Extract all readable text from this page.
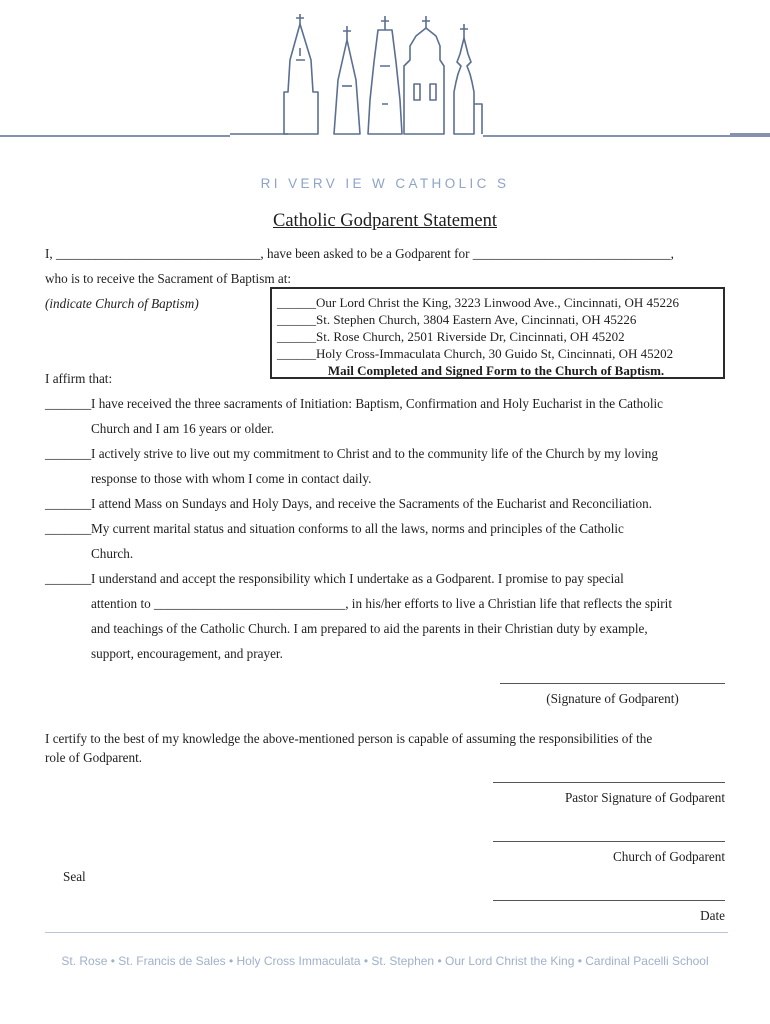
RI VERV IE W CATHOLIC S
Catholic Godparent Statement
I, _______________________________, have been asked to be a Godparent for ______________________________,
who is to receive the Sacrament of Baptism at:
(indicate Church of Baptism)	______Our Lord Christ the King, 3223 Linwood Ave., Cincinnati, OH 45226
______St. Stephen Church, 3804 Eastern Ave, Cincinnati, OH 45226
______St. Rose Church, 2501 Riverside Dr, Cincinnati, OH 45202
______Holy Cross-Immaculata Church, 30 Guido St, Cincinnati, OH 45202
Mail Completed and Signed Form to the Church of Baptism.
I affirm that:
_______ I have received the three sacraments of Initiation: Baptism, Confirmation and Holy Eucharist in the Catholic
Church and I am 16 years or older.
_______ I actively strive to live out my commitment to Christ and to the community life of the Church by my loving
response to those with whom I come in contact daily.
_______ I attend Mass on Sundays and Holy Days, and receive the Sacraments of the Eucharist and Reconciliation.
_______ My current marital status and situation conforms to all the laws, norms and principles of the Catholic
Church.
_______ I understand and accept the responsibility which I undertake as a Godparent. I promise to pay special
attention to _____________________________, in his/her efforts to live a Christian life that reflects the spirit
and teachings of the Catholic Church. I am prepared to aid the parents in their Christian duty by example,
support, encouragement, and prayer.
(Signature of Godparent)
I certify to the best of my knowledge the above-mentioned person is capable of assuming the responsibilities of the
role of Godparent.
Pastor Signature of Godparent
Church of Godparent
Seal
Date
St. Rose • St. Francis de Sales • Holy Cross Immaculata • St. Stephen • Our Lord Christ the King • Cardinal Pacelli School
